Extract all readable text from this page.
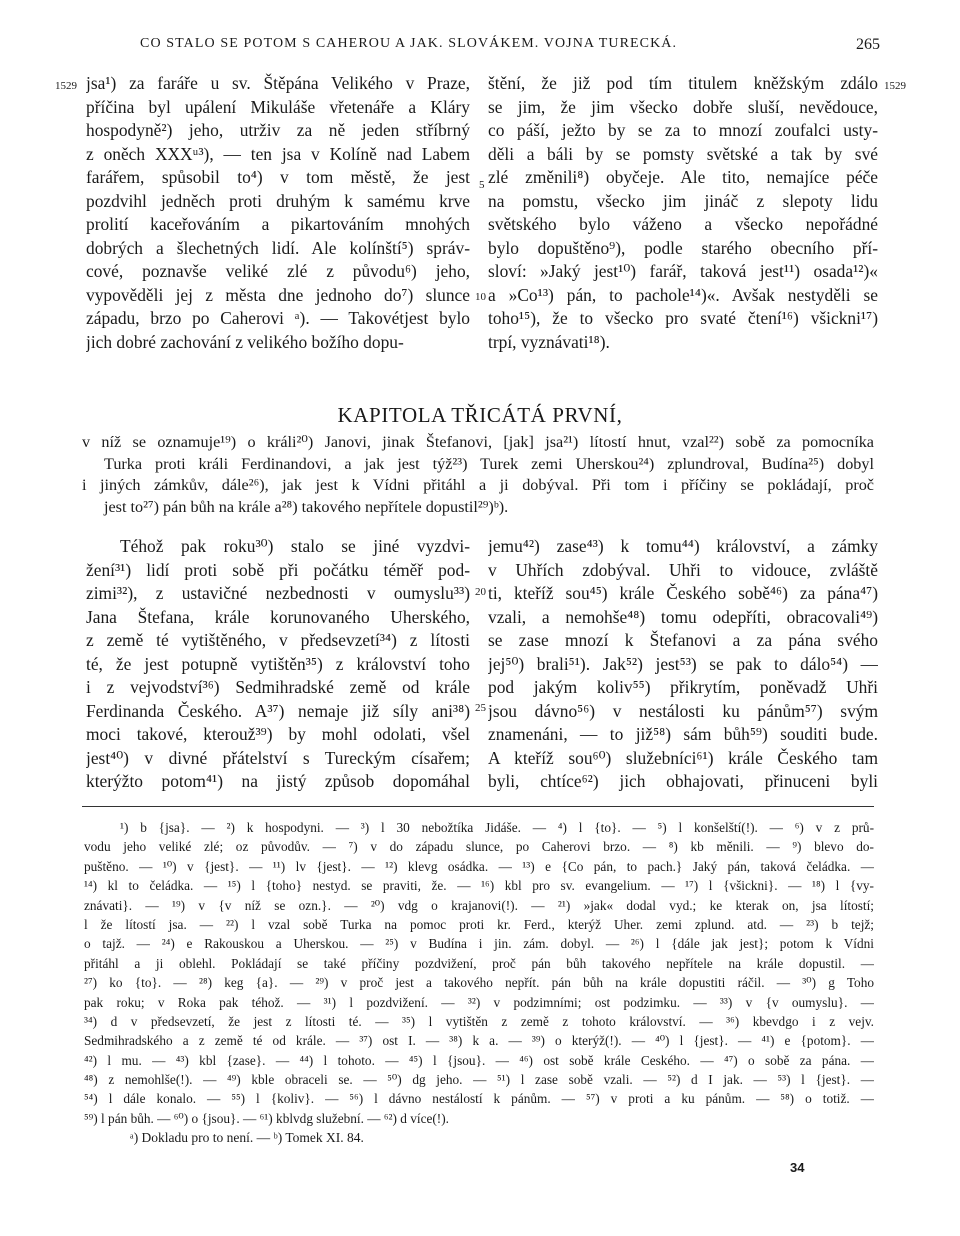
CO STALO SE POTOM S CAHEROU A JAK. SLOVÁKEM. VOJNA TURECKÁ.	265
1529	1529
jsa¹) za faráře u sv. Štěpána Velikého v Praze,
příčina byl upálení Mikuláše vřetenáře a Kláry
hospodyně²) jeho, utrživ za ně jeden stříbrný
z oněch XXXᵘ³), — ten jsa v Kolíně nad Labem
farářem, spůsobil to⁴) v tom městě, že jest
pozdvihl jedněch proti druhým k samému krve
prolití kaceřováním a pikartováním mnohých
dobrých a šlechetných lidí. Ale kolínští⁵) správ-
cové, poznavše veliké zlé z původu⁶) jeho,
vypověděli jej z města dne jednoho do⁷) slunce
západu, brzo po Caherovi ᵃ). — Takovétjest bylo
jich dobré zachování z velikého božího dopu-
5
10
štění, že již pod tím titulem kněžským zdálo
se jim, že jim všecko dobře sluší, nevědouce,
co páší, ježto by se za to mnozí zoufalci usty-
děli a báli by se pomsty světské a tak by své
zlé změnili⁸) obyčeje. Ale tito, nemajíce péče
na pomstu, všecko jim jináč z slepoty lidu
světského bylo váženo a všecko nepořádné
bylo dopuštěno⁹), podle starého obecního pří-
sloví: »Jaký jest¹⁰) farář, taková jest¹¹) osada¹²)«
a »Co¹³) pán, to pachole¹⁴)«. Avšak nestyděli se
toho¹⁵), že to všecko pro svaté čtení¹⁶) všickni¹⁷)
trpí, vyznávati¹⁸).
KAPITOLA TŘICÁTÁ PRVNÍ,
v níž se oznamuje¹⁹) o králi²⁰) Janovi, jinak Štefanovi, [jak] jsa²¹) lítostí hnut, vzal²²) sobě za pomocníka
Turka proti králi Ferdinandovi, a jak jest týž²³) Turek zemi Uherskou²⁴) zplundroval, Budína²⁵) dobyl
i jiných zámkův, dále²⁶), jak jest k Vídni přitáhl a ji dobýval. Při tom i příčiny se pokládají, proč
jest to²⁷) pán bůh na krále a²⁸) takového nepřítele dopustil²⁹)ᵇ).
Téhož pak roku³⁰) stalo se jiné vyzdvi-
žení³¹) lidí proti sobě při počátku téměř pod-
zimi³²), z ustavičné nezbednosti v oumyslu³³)
Jana Štefana, krále korunovaného Uherského,
z země té vytištěného, v předsevzetí³⁴) z lítosti
té, že jest potupně vytištěn³⁵) z království toho
i z vejvodství³⁶) Sedmihradské země od krále
Ferdinanda Českého. A³⁷) nemaje již síly ani³⁸)
moci takové, kterouž³⁹) by mohl odolati, všel
jest⁴⁰) v divné přátelství s Tureckým císařem;
kterýžto potom⁴¹) na jistý způsob dopomáhal
20
25
jemu⁴²) zase⁴³) k tomu⁴⁴) království, a zámky
v Uhřích zdobýval. Uhři to vidouce, zvláště
ti, kteříž sou⁴⁵) krále Českého sobě⁴⁶) za pána⁴⁷)
vzali, a nemohše⁴⁸) tomu odepříti, obracovali⁴⁹)
se zase mnozí k Štefanovi a za pána svého
jej⁵⁰) brali⁵¹). Jak⁵²) jest⁵³) se pak to dálo⁵⁴) —
pod jakým koliv⁵⁵) přikrytím, poněvadž Uhři
jsou dávno⁵⁶) v nestálosti ku pánům⁵⁷) svým
znamenáni, — to již⁵⁸) sám bůh⁵⁹) souditi bude.
A kteříž sou⁶⁰) služebníci⁶¹) krále Českého tam
byli, chtíce⁶²) jich obhajovati, přinuceni byli
¹) b {jsa}. — ²) k hospodyni. — ³) l 30 nebožtíka Jidáše. — ⁴) l {to}. — ⁵) l konšelští(!). — ⁶) v z prů-
vodu jeho veliké zlé; oz původův. — ⁷) v do západu slunce, po Caherovi brzo. — ⁸) kb měnili. — ⁹) blevo do-
puštěno. — ¹⁰) v {jest}. — ¹¹) lv {jest}. — ¹²) klevg osádka. — ¹³) e {Co pán, to pach.} Jaký pán, taková čeládka. —
¹⁴) kl to čeládka. — ¹⁵) l {toho} nestyd. se praviti, že. — ¹⁶) kbl pro sv. evangelium. — ¹⁷) l {všickni}. — ¹⁸) l {vy-
znávati}. — ¹⁹) v {v níž se ozn.}. — ²⁰) vdg o krajanovi(!). — ²¹) »jak« dodal vyd.; ke kterak on, jsa lítostí;
l že lítostí jsa. — ²²) l vzal sobě Turka na pomoc proti kr. Ferd., kterýž Uher. zemi zplund. atd. — ²³) b tejž;
o tajž. — ²⁴) e Rakouskou a Uherskou. — ²⁵) v Budína i jin. zám. dobyl. — ²⁶) l {dále jak jest}; potom k Vídni
přitáhl a ji oblehl. Pokládají se také příčiny pozdvižení, proč pán bůh takového nepřítele na krále dopustil. —
²⁷) ko {to}. — ²⁸) keg {a}. — ²⁹) v proč jest a takového nepřít. pán bůh na krále dopustiti ráčil. — ³⁰) g Toho
pak roku; v Roka pak téhož. — ³¹) l pozdvižení. — ³²) v podzimními; ost podzimku. — ³³) v {v oumyslu}. —
³⁴) d v předsevzetí, že jest z lítosti té. — ³⁵) l vytištěn z země z tohoto království. — ³⁶) kbevdgo i z vejv.
Sedmihradského a z země té od krále. — ³⁷) ost I. — ³⁸) k a. — ³⁹) o kterýž(!). — ⁴⁰) l {jest}. — ⁴¹) e {potom}. —
⁴²) l mu. — ⁴³) kbl {zase}. — ⁴⁴) l tohoto. — ⁴⁵) l {jsou}. — ⁴⁶) ost sobě krále Ceského. — ⁴⁷) o sobě za pána. —
⁴⁸) z nemohlše(!). — ⁴⁹) kble obraceli se. — ⁵⁰) dg jeho. — ⁵¹) l zase sobě vzali. — ⁵²) d I jak. — ⁵³) l {jest}. —
⁵⁴) l dále konalo. — ⁵⁵) l {koliv}. — ⁵⁶) l dávno nestálostí k pánům. — ⁵⁷) v proti a ku pánům. — ⁵⁸) o totiž. —
⁵⁹) l pán bůh. — ⁶⁰) o {jsou}. — ⁶¹) kblvdg služební. — ⁶²) d více(!).
ᵃ) Dokladu pro to není. — ᵇ) Tomek XI. 84.
34
